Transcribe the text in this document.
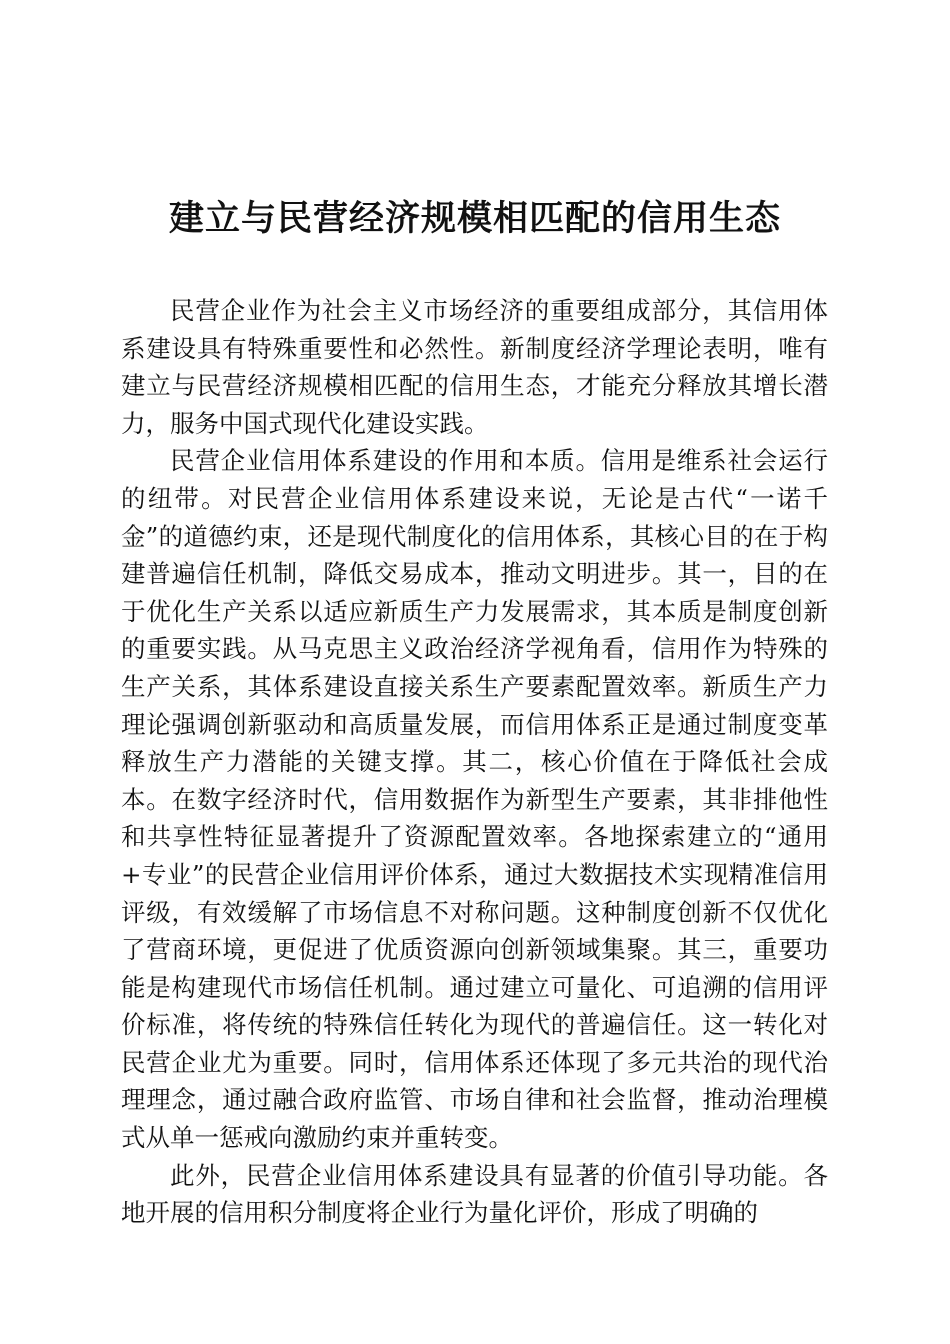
建立与民营经济规模相匹配的信用生态

民营企业作为社会主义市场经济的重要组成部分，其信用体系建设具有特殊重要性和必然性。新制度经济学理论表明，唯有建立与民营经济规模相匹配的信用生态，才能充分释放其增长潜力，服务中国式现代化建设实践。

民营企业信用体系建设的作用和本质。信用是维系社会运行的纽带。对民营企业信用体系建设来说，无论是古代“一诺千金”的道德约束，还是现代制度化的信用体系，其核心目的在于构建普遍信任机制，降低交易成本，推动文明进步。其一，目的在于优化生产关系以适应新质生产力发展需求，其本质是制度创新的重要实践。从马克思主义政治经济学视角看，信用作为特殊的生产关系，其体系建设直接关系生产要素配置效率。新质生产力理论强调创新驱动和高质量发展，而信用体系正是通过制度变革释放生产力潜能的关键支撑。其二，核心价值在于降低社会成本。在数字经济时代，信用数据作为新型生产要素，其非排他性和共享性特征显著提升了资源配置效率。各地探索建立的“通用+专业”的民营企业信用评价体系，通过大数据技术实现精准信用评级，有效缓解了市场信息不对称问题。这种制度创新不仅优化了营商环境，更促进了优质资源向创新领域集聚。其三，重要功能是构建现代市场信任机制。通过建立可量化、可追溯的信用评价标准，将传统的特殊信任转化为现代的普遍信任。这一转化对民营企业尤为重要。同时，信用体系还体现了多元共治的现代治理理念，通过融合政府监管、市场自律和社会监督，推动治理模式从单一惩戒向激励约束并重转变。

此外，民营企业信用体系建设具有显著的价值引导功能。各地开展的信用积分制度将企业行为量化评价，形成了明确的
